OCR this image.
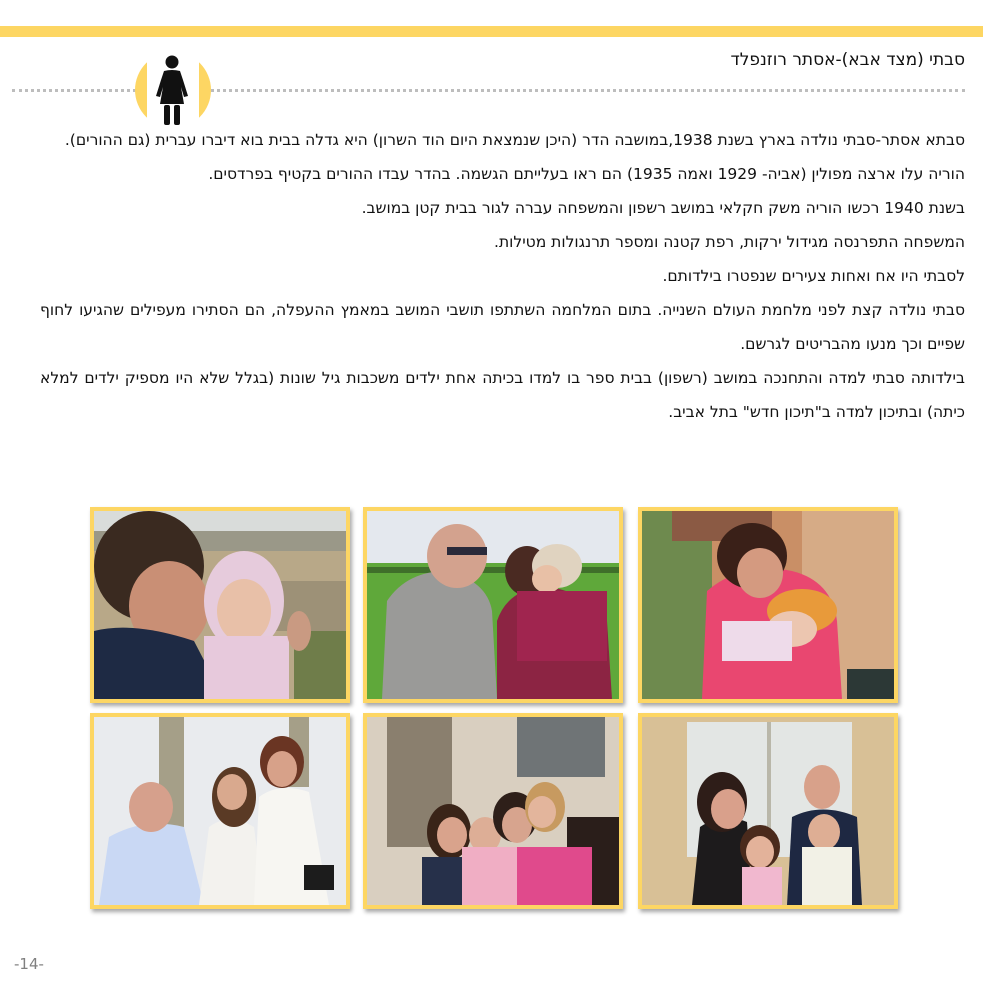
סבתי (מצד אבא)-אסתר רוזנפלד

סבתא אסתר-סבתי נולדה בארץ בשנת 1938,במושבה הדר (היכן שנמצאת היום הוד השרון) היא גדלה בבית בוא דיברו עברית (גם ההורים).

הוריה עלו ארצה מפולין (אביה- 1929 ואמה 1935) הם ראו בעלייתם הגשמה. בהדר עבדו ההורים בקטיף בפרדסים.

בשנת 1940 רכשו הוריה משק חקלאי במושב רשפון והמשפחה עברה לגור בבית קטן במושב.

המשפחה התפרנסה מגידול ירקות, רפת קטנה ומספר תרנגולות מטילות.

לסבתי היו אח ואחות צעירים שנפטרו בילדותם.

סבתי נולדה קצת לפני מלחמת העולם השנייה. בתום המלחמה השתתפו תושבי המושב במאמץ ההעפלה, הם הסתירו מעפילים שהגיעו לחוף שפיים וכך מנעו מהבריטים לגרשם.

בילדותה סבתי למדה והתחנכה במושב (רשפון) בבית ספר בו למדו בכיתה אחת ילדים משכבות גיל שונות (בגלל שלא היו מספיק ילדים למלא כיתה) ובתיכון למדה ב"תיכון חדש" בתל אביב.

-14-
